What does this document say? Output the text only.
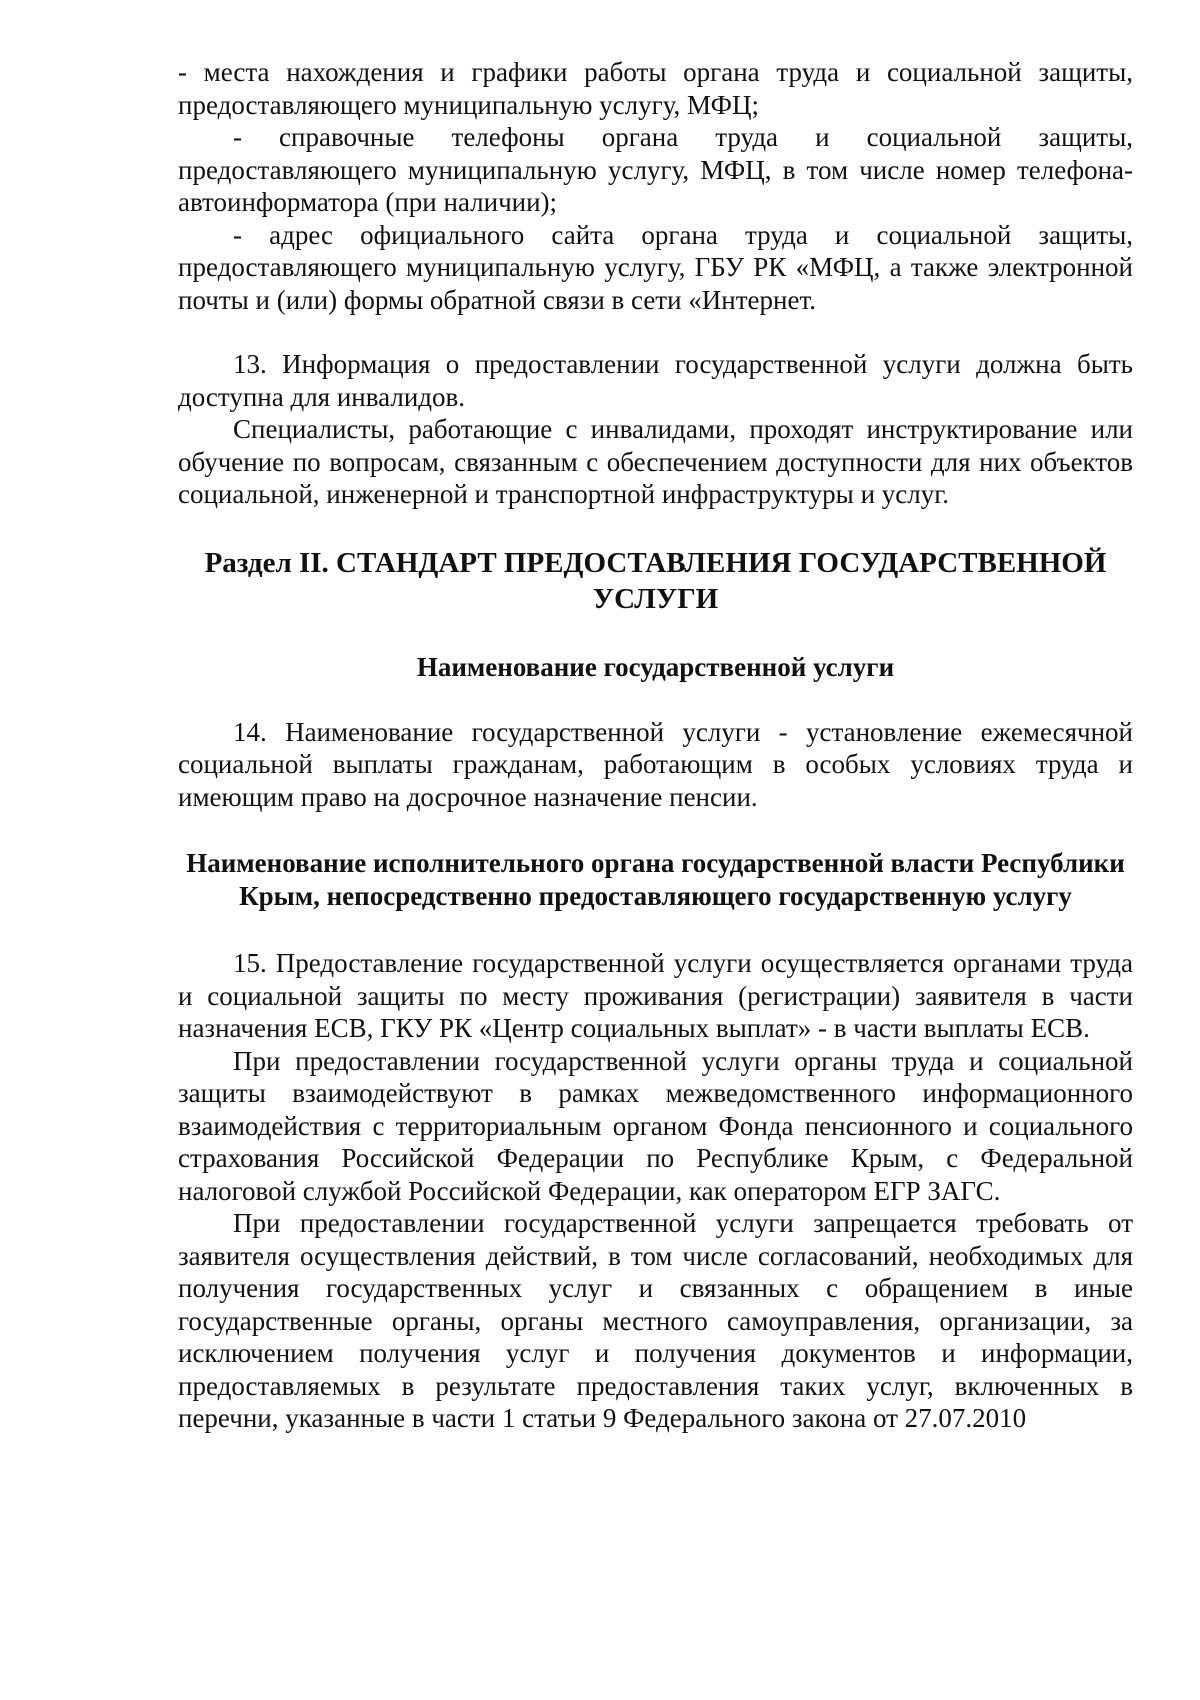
- места нахождения и графики работы органа труда и социальной защиты, предоставляющего муниципальную услугу, МФЦ;

- справочные телефоны органа труда и социальной защиты, предоставляющего муниципальную услугу, МФЦ, в том числе номер телефона-автоинформатора (при наличии);

- адрес официального сайта органа труда и социальной защиты, предоставляющего муниципальную услугу, ГБУ РК «МФЦ, а также электронной почты и (или) формы обратной связи в сети «Интернет.

13. Информация о предоставлении государственной услуги должна быть доступна для инвалидов.

Специалисты, работающие с инвалидами, проходят инструктирование или обучение по вопросам, связанным с обеспечением доступности для них объектов социальной, инженерной и транспортной инфраструктуры и услуг.

Раздел II. СТАНДАРТ ПРЕДОСТАВЛЕНИЯ ГОСУДАРСТВЕННОЙ УСЛУГИ
Наименование государственной услуги

14. Наименование государственной услуги - установление ежемесячной социальной выплаты гражданам, работающим в особых условиях труда и имеющим право на досрочное назначение пенсии.

Наименование исполнительного органа государственной власти Республики Крым, непосредственно предоставляющего государственную услугу

15. Предоставление государственной услуги осуществляется органами труда и социальной защиты по месту проживания (регистрации) заявителя в части назначения ЕСВ, ГКУ РК «Центр социальных выплат» - в части выплаты ЕСВ.

При предоставлении государственной услуги органы труда и социальной защиты взаимодействуют в рамках межведомственного информационного взаимодействия с территориальным органом Фонда пенсионного и социального страхования Российской Федерации по Республике Крым, с Федеральной налоговой службой Российской Федерации, как оператором ЕГР ЗАГС.

При предоставлении государственной услуги запрещается требовать от заявителя осуществления действий, в том числе согласований, необходимых для получения государственных услуг и связанных с обращением в иные государственные органы, органы местного самоуправления, организации, за исключением получения услуг и получения документов и информации, предоставляемых в результате предоставления таких услуг, включенных в перечни, указанные в части 1 статьи 9 Федерального закона от 27.07.2010
